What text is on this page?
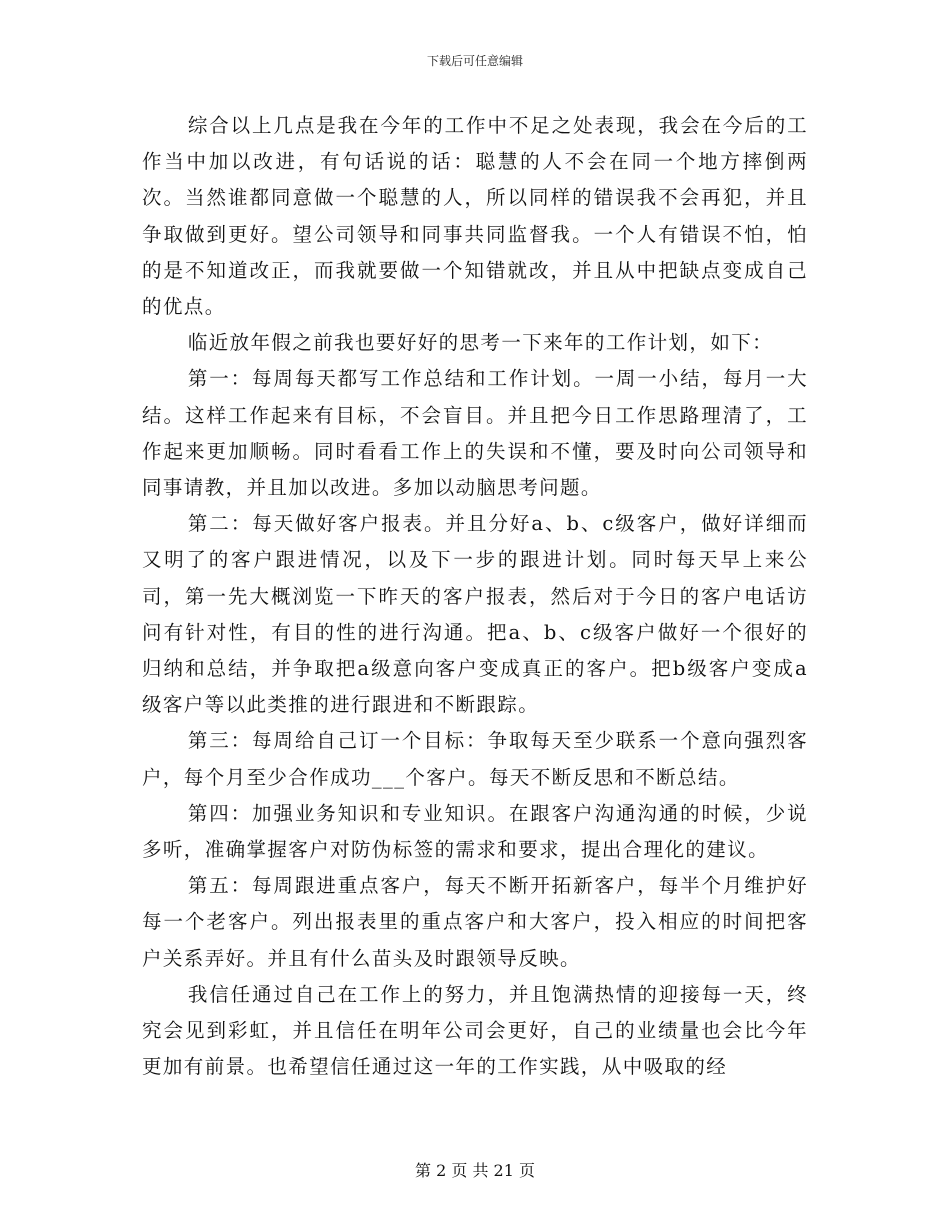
下载后可任意编辑

综合以上几点是我在今年的工作中不足之处表现，我会在今后的工作当中加以改进，有句话说的话：聪慧的人不会在同一个地方摔倒两次。当然谁都同意做一个聪慧的人，所以同样的错误我不会再犯，并且争取做到更好。望公司领导和同事共同监督我。一个人有错误不怕，怕的是不知道改正，而我就要做一个知错就改，并且从中把缺点变成自己的优点。

临近放年假之前我也要好好的思考一下来年的工作计划，如下：

第一：每周每天都写工作总结和工作计划。一周一小结，每月一大结。这样工作起来有目标，不会盲目。并且把今日工作思路理清了，工作起来更加顺畅。同时看看工作上的失误和不懂，要及时向公司领导和同事请教，并且加以改进。多加以动脑思考问题。

第二：每天做好客户报表。并且分好a、b、c级客户，做好详细而又明了的客户跟进情况，以及下一步的跟进计划。同时每天早上来公司，第一先大概浏览一下昨天的客户报表，然后对于今日的客户电话访问有针对性，有目的性的进行沟通。把a、b、c级客户做好一个很好的归纳和总结，并争取把a级意向客户变成真正的客户。把b级客户变成a级客户等以此类推的进行跟进和不断跟踪。

第三：每周给自己订一个目标：争取每天至少联系一个意向强烈客户，每个月至少合作成功___个客户。每天不断反思和不断总结。

第四：加强业务知识和专业知识。在跟客户沟通沟通的时候，少说多听，准确掌握客户对防伪标签的需求和要求，提出合理化的建议。

第五：每周跟进重点客户，每天不断开拓新客户，每半个月维护好每一个老客户。列出报表里的重点客户和大客户，投入相应的时间把客户关系弄好。并且有什么苗头及时跟领导反映。

我信任通过自己在工作上的努力，并且饱满热情的迎接每一天，终究会见到彩虹，并且信任在明年公司会更好，自己的业绩量也会比今年更加有前景。也希望信任通过这一年的工作实践，从中吸取的经

第 2 页 共 21 页
